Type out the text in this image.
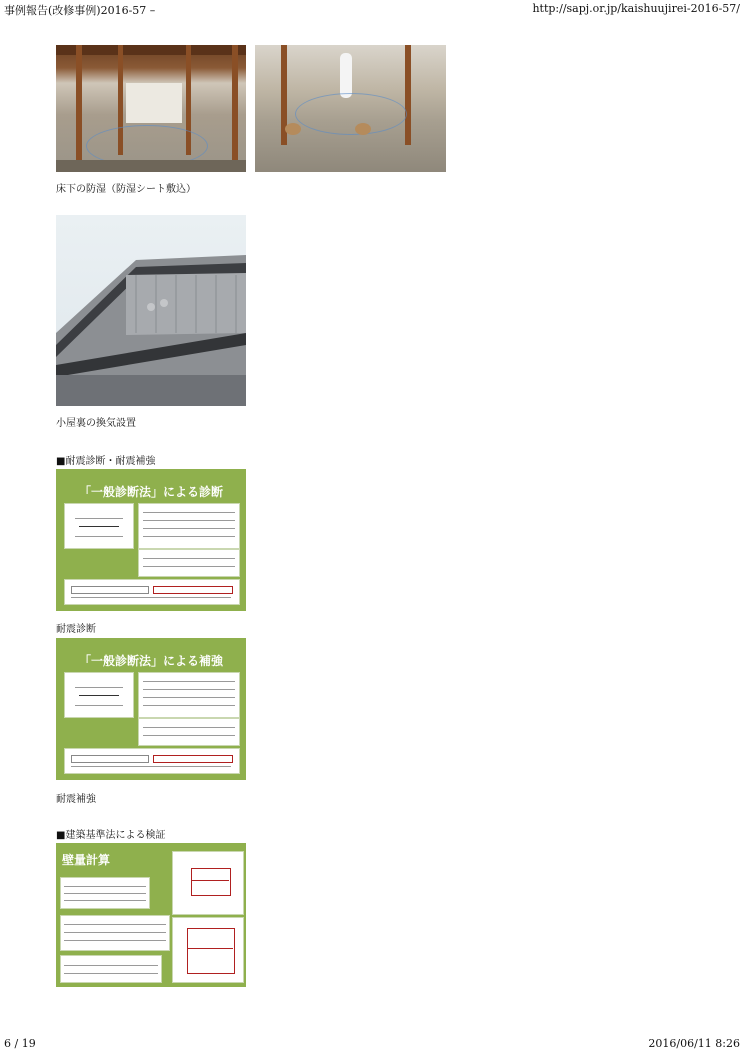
事例報告(改修事例)2016-57 –	http://sapj.or.jp/kaishuujirei-2016-57/
床下の防湿（防湿シート敷込）
小屋裏の換気設置
■耐震診断・耐震補強
「一般診断法」による診断
耐震診断
「一般診断法」による補強
耐震補強
■建築基準法による検証
壁量計算
6 / 19	2016/06/11 8:26
